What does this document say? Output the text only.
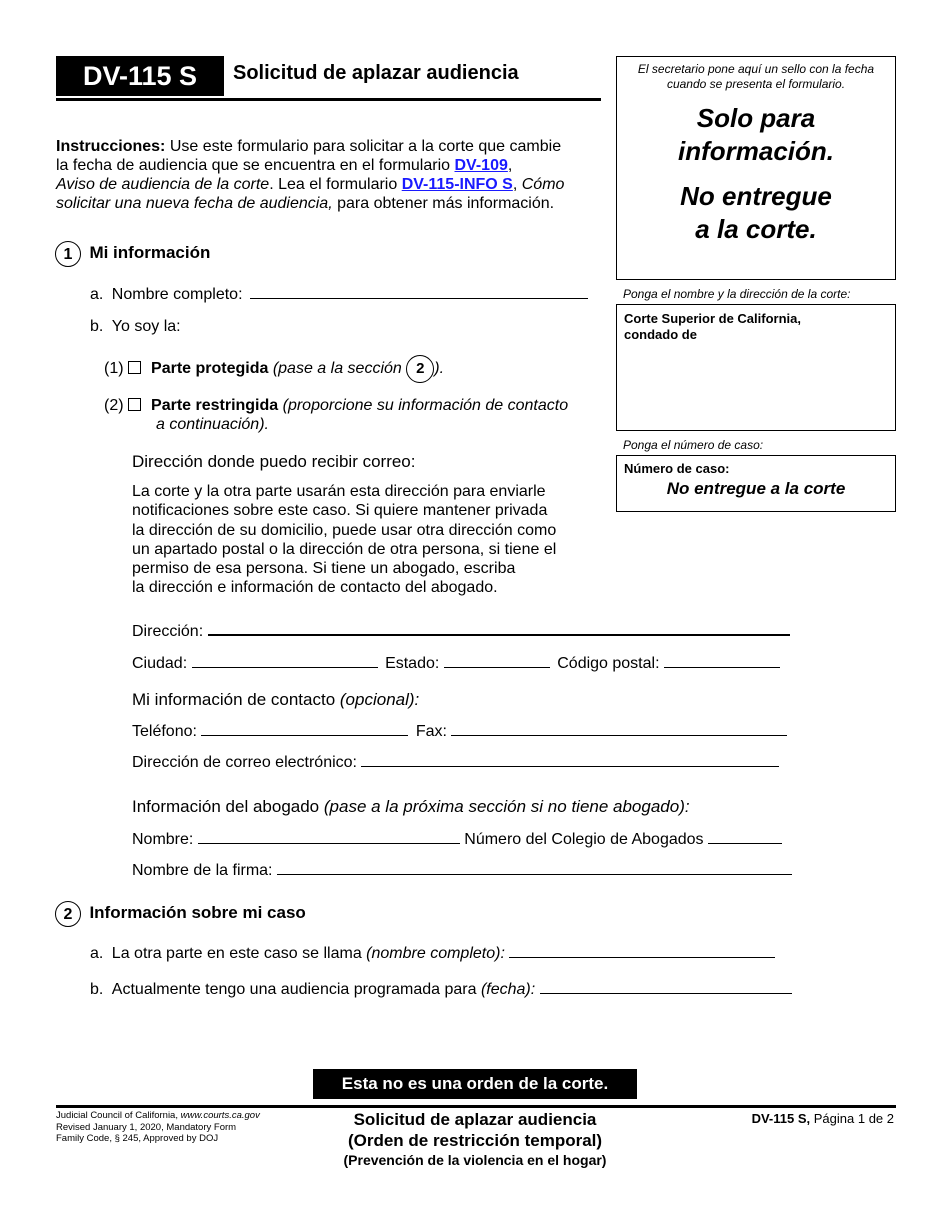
DV-115 S	Solicitud de aplazar audiencia	El secretario pone aquí un sello con la fecha cuando se presenta el formulario.
Solo para
información.
No entregue
a la corte.
Ponga el nombre y la dirección de la corte:
Corte Superior de California,
condado de
Ponga el número de caso:
Número de caso:
No entregue a la corte
Instrucciones: Use este formulario para solicitar a la corte que cambie
la fecha de audiencia que se encuentra en el formulario DV-109,
Aviso de audiencia de la corte. Lea el formulario DV-115-INFO S, Cómo
solicitar una nueva fecha de audiencia, para obtener más información.
1 Mi información
a. Nombre completo:
b. Yo soy la:
(1) Parte protegida (pase a la sección 2 ).
(2) Parte restringida (proporcione su información de contacto
a continuación).
Dirección donde puedo recibir correo:
La corte y la otra parte usarán esta dirección para enviarle
notificaciones sobre este caso. Si quiere mantener privada
la dirección de su domicilio, puede usar otra dirección como
un apartado postal o la dirección de otra persona, si tiene el
permiso de esa persona. Si tiene un abogado, escriba
la dirección e información de contacto del abogado.
Dirección:
Ciudad:	Estado:	Código postal:
Mi información de contacto (opcional):
Teléfono:	Fax:
Dirección de correo electrónico:
Información del abogado (pase a la próxima sección si no tiene abogado):
Nombre:	Número del Colegio de Abogados
Nombre de la firma:
2 Información sobre mi caso
a. La otra parte en este caso se llama (nombre completo):
b. Actualmente tengo una audiencia programada para (fecha):
Esta no es una orden de la corte.
Judicial Council of California, www.courts.ca.gov
Revised January 1, 2020, Mandatory Form
Family Code, § 245, Approved by DOJ
Solicitud de aplazar audiencia
(Orden de restricción temporal)
(Prevención de la violencia en el hogar)
DV-115 S, Página 1 de 2
